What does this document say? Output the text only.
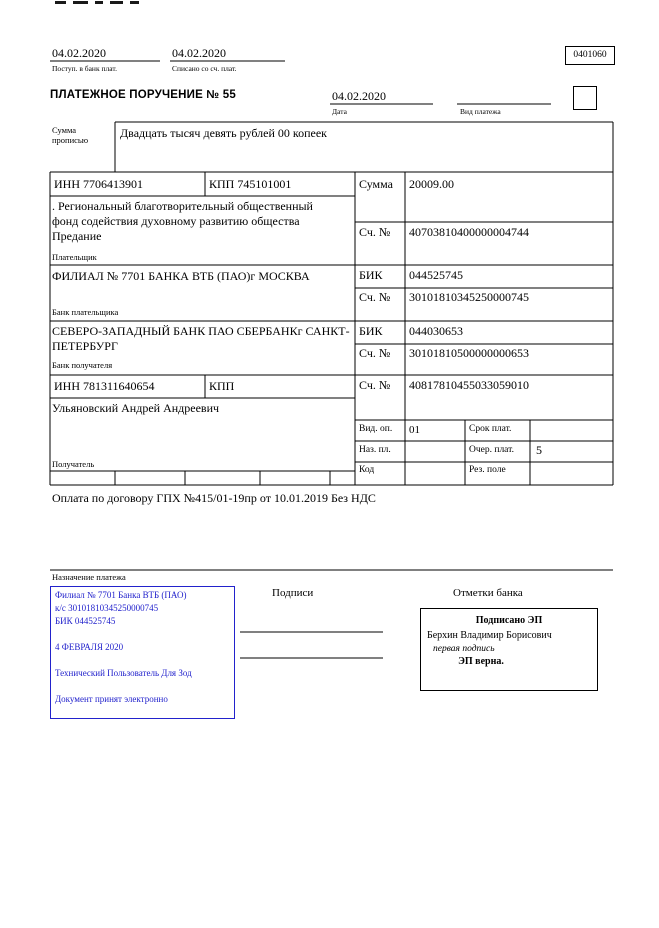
04.02.2020
Поступ. в банк плат.
04.02.2020
Списано со сч. плат.
0401060
ПЛАТЕЖНОЕ ПОРУЧЕНИЕ № 55	04.02.2020
Дата	Вид платежа
Сумма прописью	Двадцать тысяч девять рублей 00 копеек
ИНН 7706413901	КПП 745101001	Сумма 20009.00
. Региональный благотворительный общественный фонд содействия духовному развитию общества Предание	Сч. № 40703810400000004744
Плательщик
ФИЛИАЛ № 7701 БАНКА ВТБ (ПАО)г МОСКВА	БИК 044525745
Сч. № 30101810345250000745
Банк плательщика
СЕВЕРО-ЗАПАДНЫЙ БАНК ПАО СБЕРБАНКг САНКТ-ПЕТЕРБУРГ
БИК 044030653
Сч. № 30101810500000000653
Банк получателя
ИНН 781311640654	КПП	Сч. № 40817810455033059010
Ульяновский Андрей Андреевич
Получатель
Вид. оп. 01	Срок плат.
Наз. пл.	Очер. плат. 5
Код	Рез. поле
Оплата по договору ГПХ №415/01-19пр от 10.01.2019 Без НДС
Назначение платежа
Филиал № 7701 Банка ВТБ (ПАО)
к/с 30101810345250000745
БИК 044525745
4 ФЕВРАЛЯ 2020
Технический Пользователь Для Зод
Документ принят электронно
Подписи	Отметки банка
Подписано ЭП
Берхин Владимир Борисович
первая подпись
ЭП верна.
